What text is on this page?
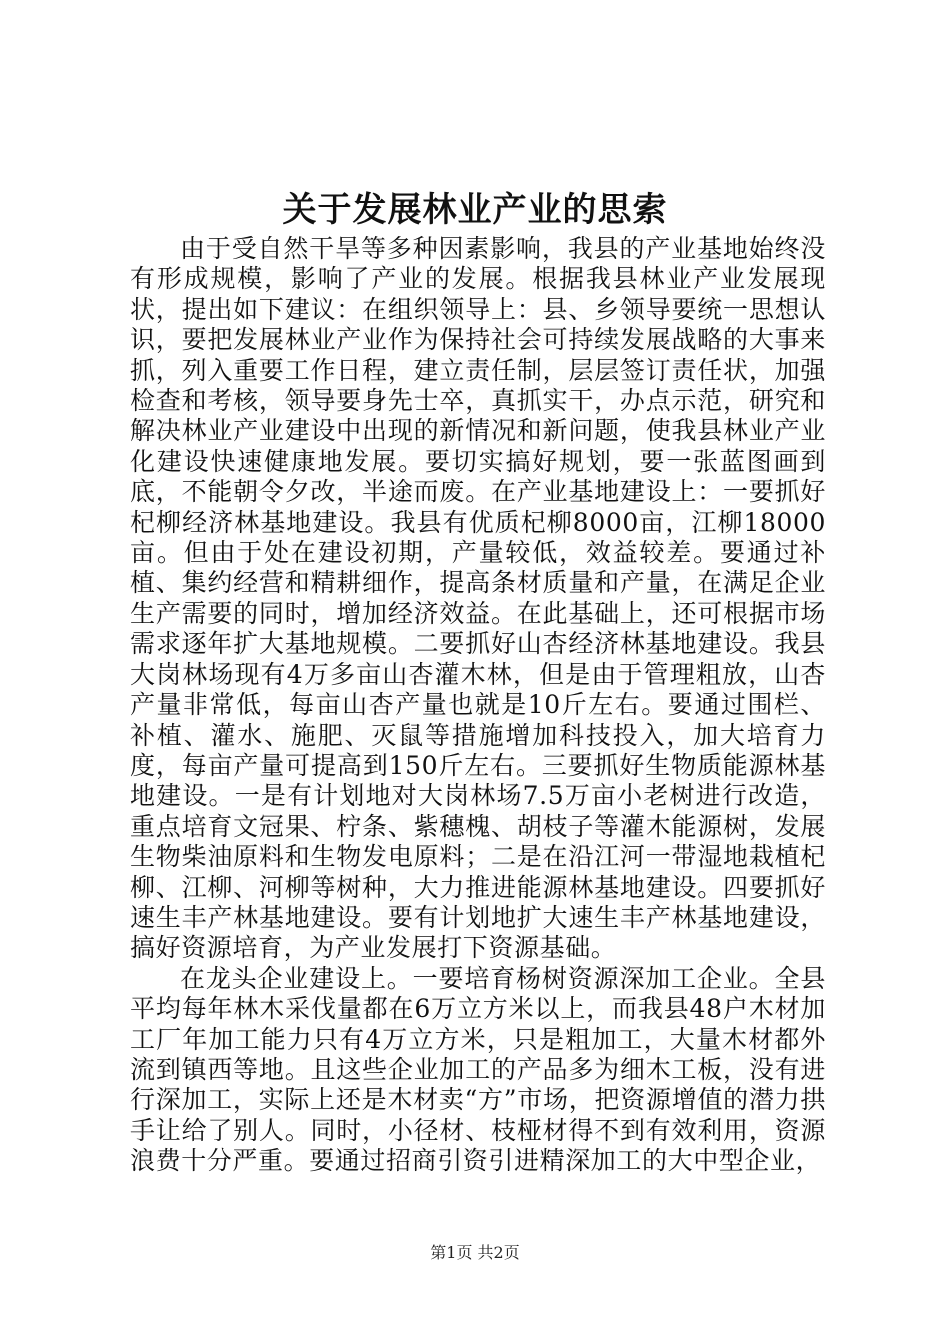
关于发展林业产业的思索

由于受自然干旱等多种因素影响，我县的产业基地始终没有形成规模，影响了产业的发展。根据我县林业产业发展现状，提出如下建议：在组织领导上：县、乡领导要统一思想认识，要把发展林业产业作为保持社会可持续发展战略的大事来抓，列入重要工作日程，建立责任制，层层签订责任状，加强检查和考核，领导要身先士卒，真抓实干，办点示范，研究和解决林业产业建设中出现的新情况和新问题，使我县林业产业化建设快速健康地发展。要切实搞好规划，要一张蓝图画到底，不能朝令夕改，半途而废。在产业基地建设上：一要抓好杞柳经济林基地建设。我县有优质杞柳8000亩，江柳18000亩。但由于处在建设初期，产量较低，效益较差。要通过补植、集约经营和精耕细作，提高条材质量和产量，在满足企业生产需要的同时，增加经济效益。在此基础上，还可根据市场需求逐年扩大基地规模。二要抓好山杏经济林基地建设。我县大岗林场现有4万多亩山杏灌木林，但是由于管理粗放，山杏产量非常低，每亩山杏产量也就是10斤左右。要通过围栏、补植、灌水、施肥、灭鼠等措施增加科技投入，加大培育力度，每亩产量可提高到150斤左右。三要抓好生物质能源林基地建设。一是有计划地对大岗林场7.5万亩小老树进行改造，重点培育文冠果、柠条、紫穗槐、胡枝子等灌木能源树，发展生物柴油原料和生物发电原料；二是在沿江河一带湿地栽植杞柳、江柳、河柳等树种，大力推进能源林基地建设。四要抓好速生丰产林基地建设。要有计划地扩大速生丰产林基地建设，搞好资源培育，为产业发展打下资源基础。

在龙头企业建设上。一要培育杨树资源深加工企业。全县平均每年林木采伐量都在6万立方米以上，而我县48户木材加工厂年加工能力只有4万立方米，只是粗加工，大量木材都外流到镇西等地。且这些企业加工的产品多为细木工板，没有进行深加工，实际上还是木材卖“方”市场，把资源增值的潜力拱手让给了别人。同时，小径材、枝桠材得不到有效利用，资源浪费十分严重。要通过招商引资引进精深加工的大中型企业，

第1页 共2页
